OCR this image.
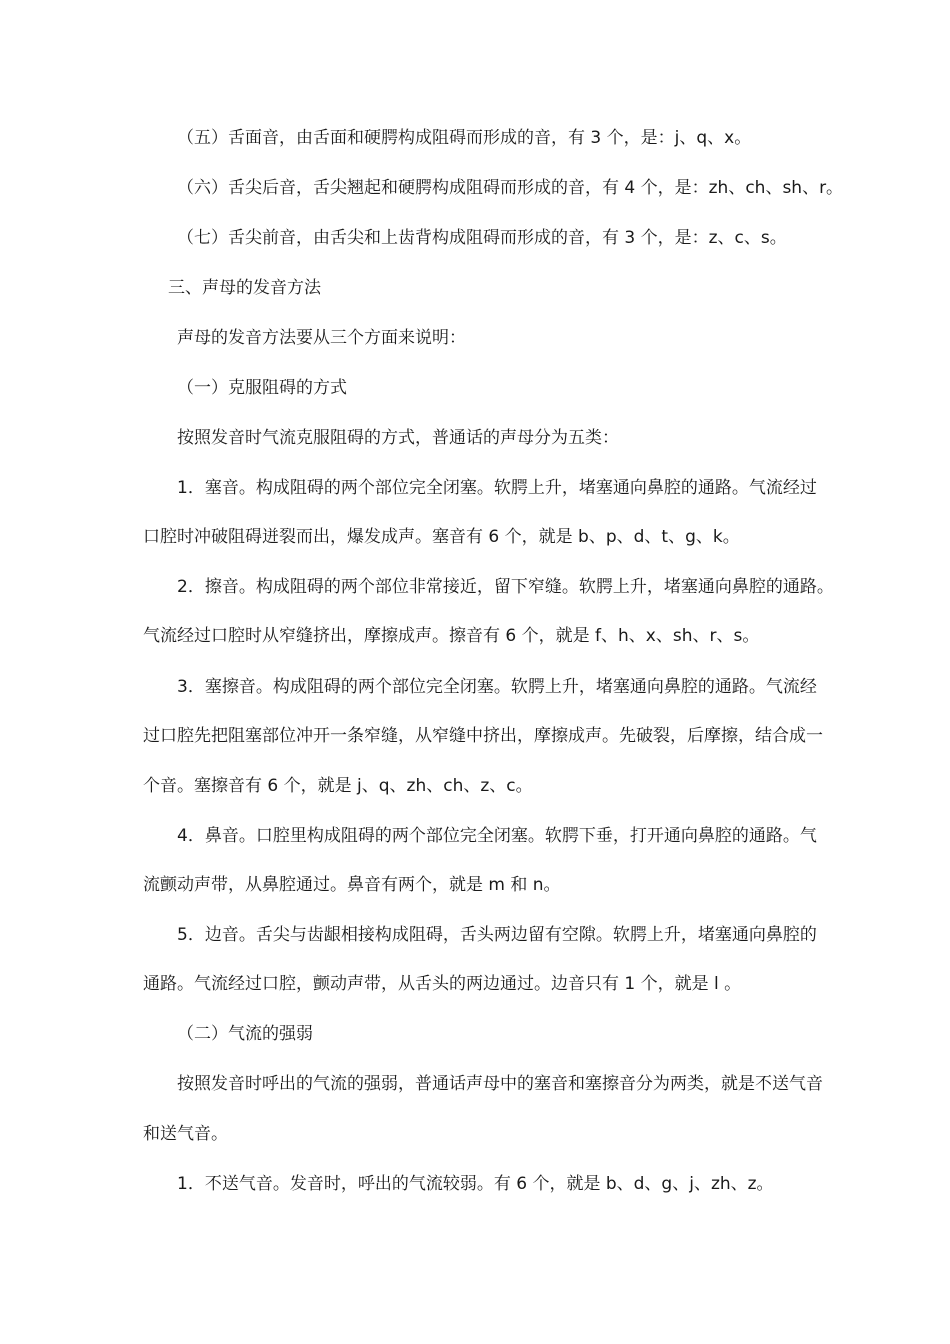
（五）舌面音，由舌面和硬腭构成阻碍而形成的音，有 3 个，是：j、q、x。
（六）舌尖后音，舌尖翘起和硬腭构成阻碍而形成的音，有 4 个，是：zh、ch、sh、r。
（七）舌尖前音，由舌尖和上齿背构成阻碍而形成的音，有 3 个，是：z、c、s。
三、声母的发音方法
声母的发音方法要从三个方面来说明：
（一）克服阻碍的方式
按照发音时气流克服阻碍的方式，普通话的声母分为五类：
1．塞音。构成阻碍的两个部位完全闭塞。软腭上升，堵塞通向鼻腔的通路。气流经过
口腔时冲破阻碍迸裂而出，爆发成声。塞音有 6 个，就是 b、p、d、t、g、k。
2．擦音。构成阻碍的两个部位非常接近，留下窄缝。软腭上升，堵塞通向鼻腔的通路。
气流经过口腔时从窄缝挤出，摩擦成声。擦音有 6 个，就是 f、h、x、sh、r、s。
3．塞擦音。构成阻碍的两个部位完全闭塞。软腭上升，堵塞通向鼻腔的通路。气流经
过口腔先把阻塞部位冲开一条窄缝，从窄缝中挤出，摩擦成声。先破裂，后摩擦，结合成一
个音。塞擦音有 6 个，就是 j、q、zh、ch、z、c。
4．鼻音。口腔里构成阻碍的两个部位完全闭塞。软腭下垂，打开通向鼻腔的通路。气
流颤动声带，从鼻腔通过。鼻音有两个，就是 m 和 n。
5．边音。舌尖与齿龈相接构成阻碍，舌头两边留有空隙。软腭上升，堵塞通向鼻腔的
通路。气流经过口腔，颤动声带，从舌头的两边通过。边音只有 1 个，就是 l 。
（二）气流的强弱
按照发音时呼出的气流的强弱，普通话声母中的塞音和塞擦音分为两类，就是不送气音
和送气音。
1．不送气音。发音时，呼出的气流较弱。有 6 个，就是 b、d、g、j、zh、z。
